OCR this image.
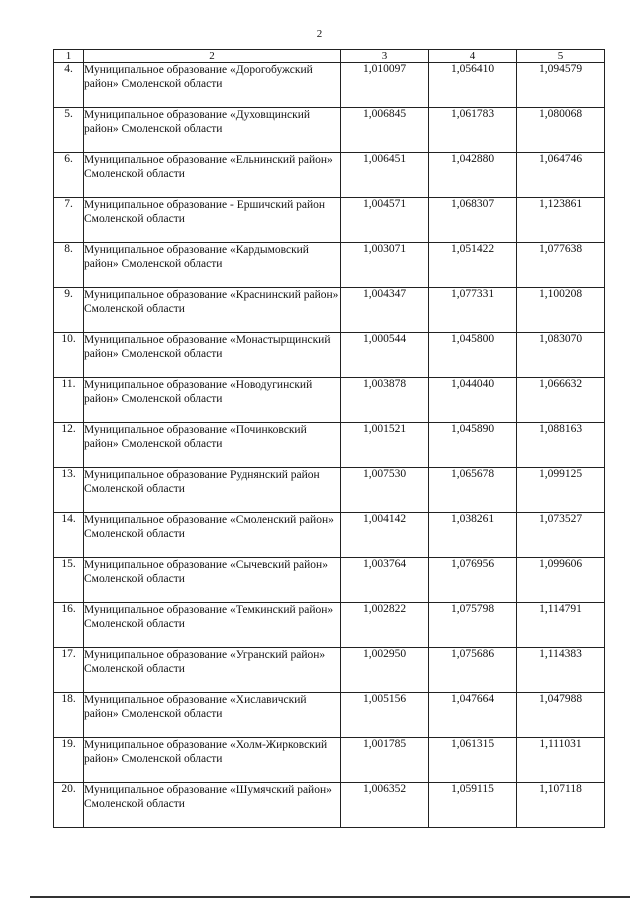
2
1	2	3	4	5
4.	Муниципальное образование «Дорогобужский район» Смоленской области	1,010097	1,056410	1,094579
5.	Муниципальное образование «Духовщинский район» Смоленской области	1,006845	1,061783	1,080068
6.	Муниципальное образование «Ельнинский район» Смоленской области	1,006451	1,042880	1,064746
7.	Муниципальное образование - Ершичский район Смоленской области	1,004571	1,068307	1,123861
8.	Муниципальное образование «Кардымовский район» Смоленской области	1,003071	1,051422	1,077638
9.	Муниципальное образование «Краснинский район» Смоленской области	1,004347	1,077331	1,100208
10.	Муниципальное образование «Монастырщинский район» Смоленской области	1,000544	1,045800	1,083070
11.	Муниципальное образование «Новодугинский район» Смоленской области	1,003878	1,044040	1,066632
12.	Муниципальное образование «Починковский район» Смоленской области	1,001521	1,045890	1,088163
13.	Муниципальное образование Руднянский район Смоленской области	1,007530	1,065678	1,099125
14.	Муниципальное образование «Смоленский район» Смоленской области	1,004142	1,038261	1,073527
15.	Муниципальное образование «Сычевский район» Смоленской области	1,003764	1,076956	1,099606
16.	Муниципальное образование «Темкинский район» Смоленской области	1,002822	1,075798	1,114791
17.	Муниципальное образование «Угранский район» Смоленской области	1,002950	1,075686	1,114383
18.	Муниципальное образование «Хиславичский район» Смоленской области	1,005156	1,047664	1,047988
19.	Муниципальное образование «Холм-Жирковский район» Смоленской области	1,001785	1,061315	1,111031
20.	Муниципальное образование «Шумячский район» Смоленской области	1,006352	1,059115	1,107118
